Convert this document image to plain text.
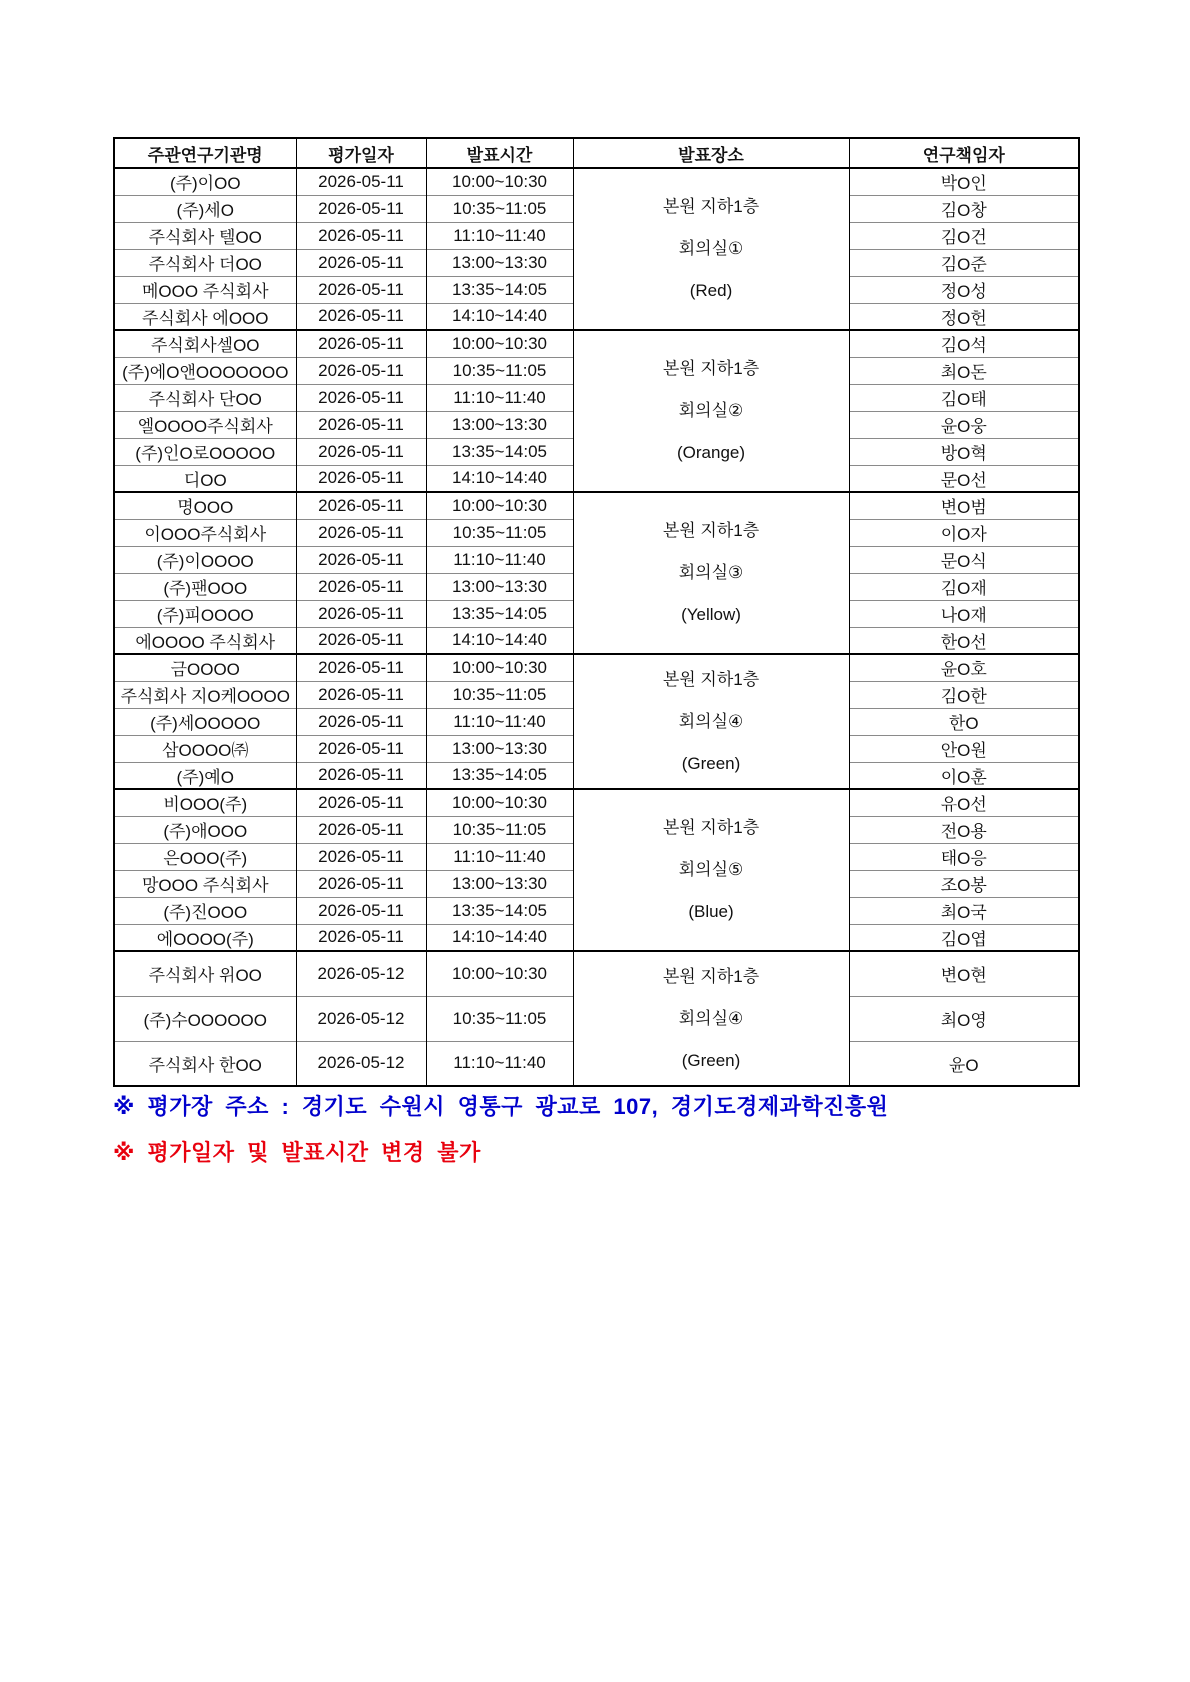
주관연구기관명	평가일자	발표시간	발표장소	연구책임자
(주)이OO	2026-05-11	10:00~10:30	본원 지하1층
회의실①
(Red)	박O인
(주)세O	2026-05-11	10:35~11:05		김O창
주식회사 텔OO	2026-05-11	11:10~11:40		김O건
주식회사 더OO	2026-05-11	13:00~13:30		김O준
메OOO 주식회사	2026-05-11	13:35~14:05		정O성
주식회사 에OOO	2026-05-11	14:10~14:40		정O헌
주식회사셀OO	2026-05-11	10:00~10:30	본원 지하1층
회의실②
(Orange)	김O석
(주)에O앤OOOOOOO	2026-05-11	10:35~11:05		최O돈
주식회사 단OO	2026-05-11	11:10~11:40		김O태
엘OOOO주식회사	2026-05-11	13:00~13:30		윤O웅
(주)인O로OOOOO	2026-05-11	13:35~14:05		방O혁
디OO	2026-05-11	14:10~14:40		문O선
명OOO	2026-05-11	10:00~10:30	본원 지하1층
회의실③
(Yellow)	변O범
이OOO주식회사	2026-05-11	10:35~11:05		이O자
(주)이OOOO	2026-05-11	11:10~11:40		문O식
(주)팬OOO	2026-05-11	13:00~13:30		김O재
(주)피OOOO	2026-05-11	13:35~14:05		나O재
에OOOO 주식회사	2026-05-11	14:10~14:40		한O선
금OOOO	2026-05-11	10:00~10:30	본원 지하1층
회의실④
(Green)	윤O호
주식회사 지O케OOOO	2026-05-11	10:35~11:05		김O한
(주)세OOOOO	2026-05-11	11:10~11:40		한O
삼OOOO㈜	2026-05-11	13:00~13:30		안O원
(주)예O	2026-05-11	13:35~14:05		이O훈
비OOO(주)	2026-05-11	10:00~10:30	본원 지하1층
회의실⑤
(Blue)	유O선
(주)애OOO	2026-05-11	10:35~11:05		전O용
은OOO(주)	2026-05-11	11:10~11:40		태O응
망OOO 주식회사	2026-05-11	13:00~13:30		조O봉
(주)진OOO	2026-05-11	13:35~14:05		최O국
에OOOO(주)	2026-05-11	14:10~14:40		김O엽
주식회사 위OO	2026-05-12	10:00~10:30	본원 지하1층
회의실④
(Green)	변O현
(주)수OOOOOO	2026-05-12	10:35~11:05		최O영
주식회사 한OO	2026-05-12	11:10~11:40		윤O
※ 평가장 주소 : 경기도 수원시 영통구 광교로 107, 경기도경제과학진흥원
※ 평가일자 및 발표시간 변경 불가
